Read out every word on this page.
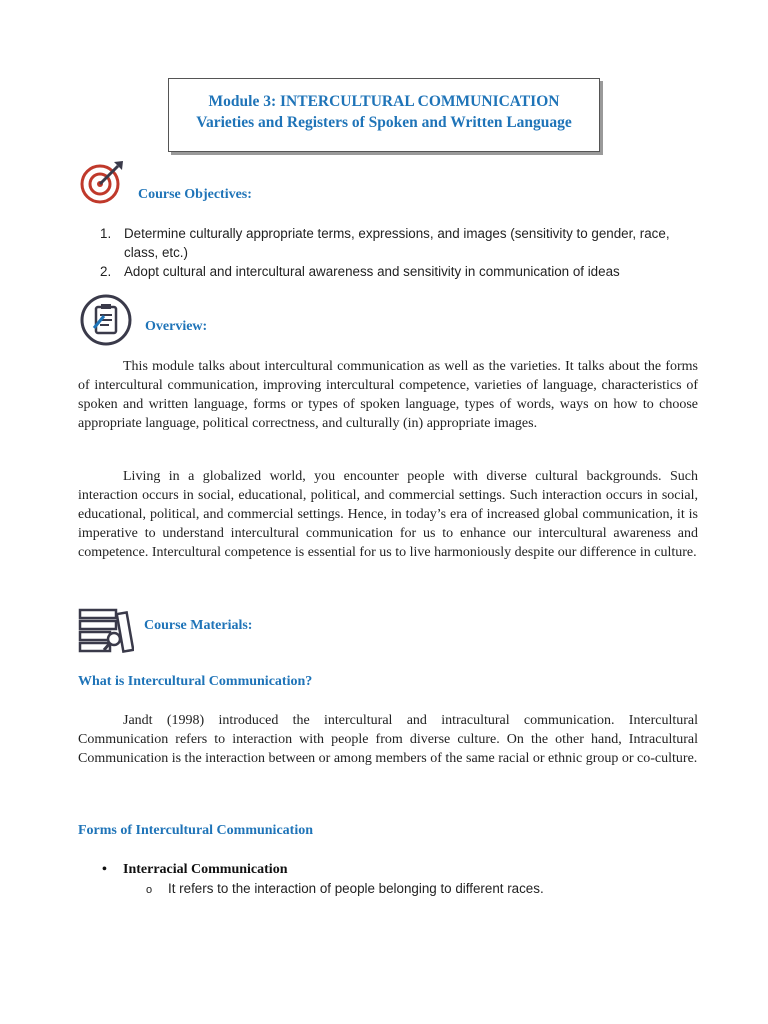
Module 3: INTERCULTURAL COMMUNICATION
Varieties and Registers of Spoken and Written Language
Course Objectives:
1. Determine culturally appropriate terms, expressions, and images (sensitivity to gender, race, class, etc.)
2. Adopt cultural and intercultural awareness and sensitivity in communication of ideas
Overview:

This module talks about intercultural communication as well as the varieties. It talks about the forms of intercultural communication, improving intercultural competence, varieties of language, characteristics of spoken and written language, forms or types of spoken language, types of words, ways on how to choose appropriate language, political correctness, and culturally (in) appropriate images.

Living in a globalized world, you encounter people with diverse cultural backgrounds. Such interaction occurs in social, educational, political, and commercial settings. Such interaction occurs in social, educational, political, and commercial settings. Hence, in today’s era of increased global communication, it is imperative to understand intercultural communication for us to enhance our intercultural awareness and competence. Intercultural competence is essential for us to live harmoniously despite our difference in culture.

Course Materials:
What is Intercultural Communication?

Jandt (1998) introduced the intercultural and intracultural communication. Intercultural Communication refers to interaction with people from diverse culture. On the other hand, Intracultural Communication is the interaction between or among members of the same racial or ethnic group or co-culture.

Forms of Intercultural Communication
• Interracial Communication
o It refers to the interaction of people belonging to different races.
